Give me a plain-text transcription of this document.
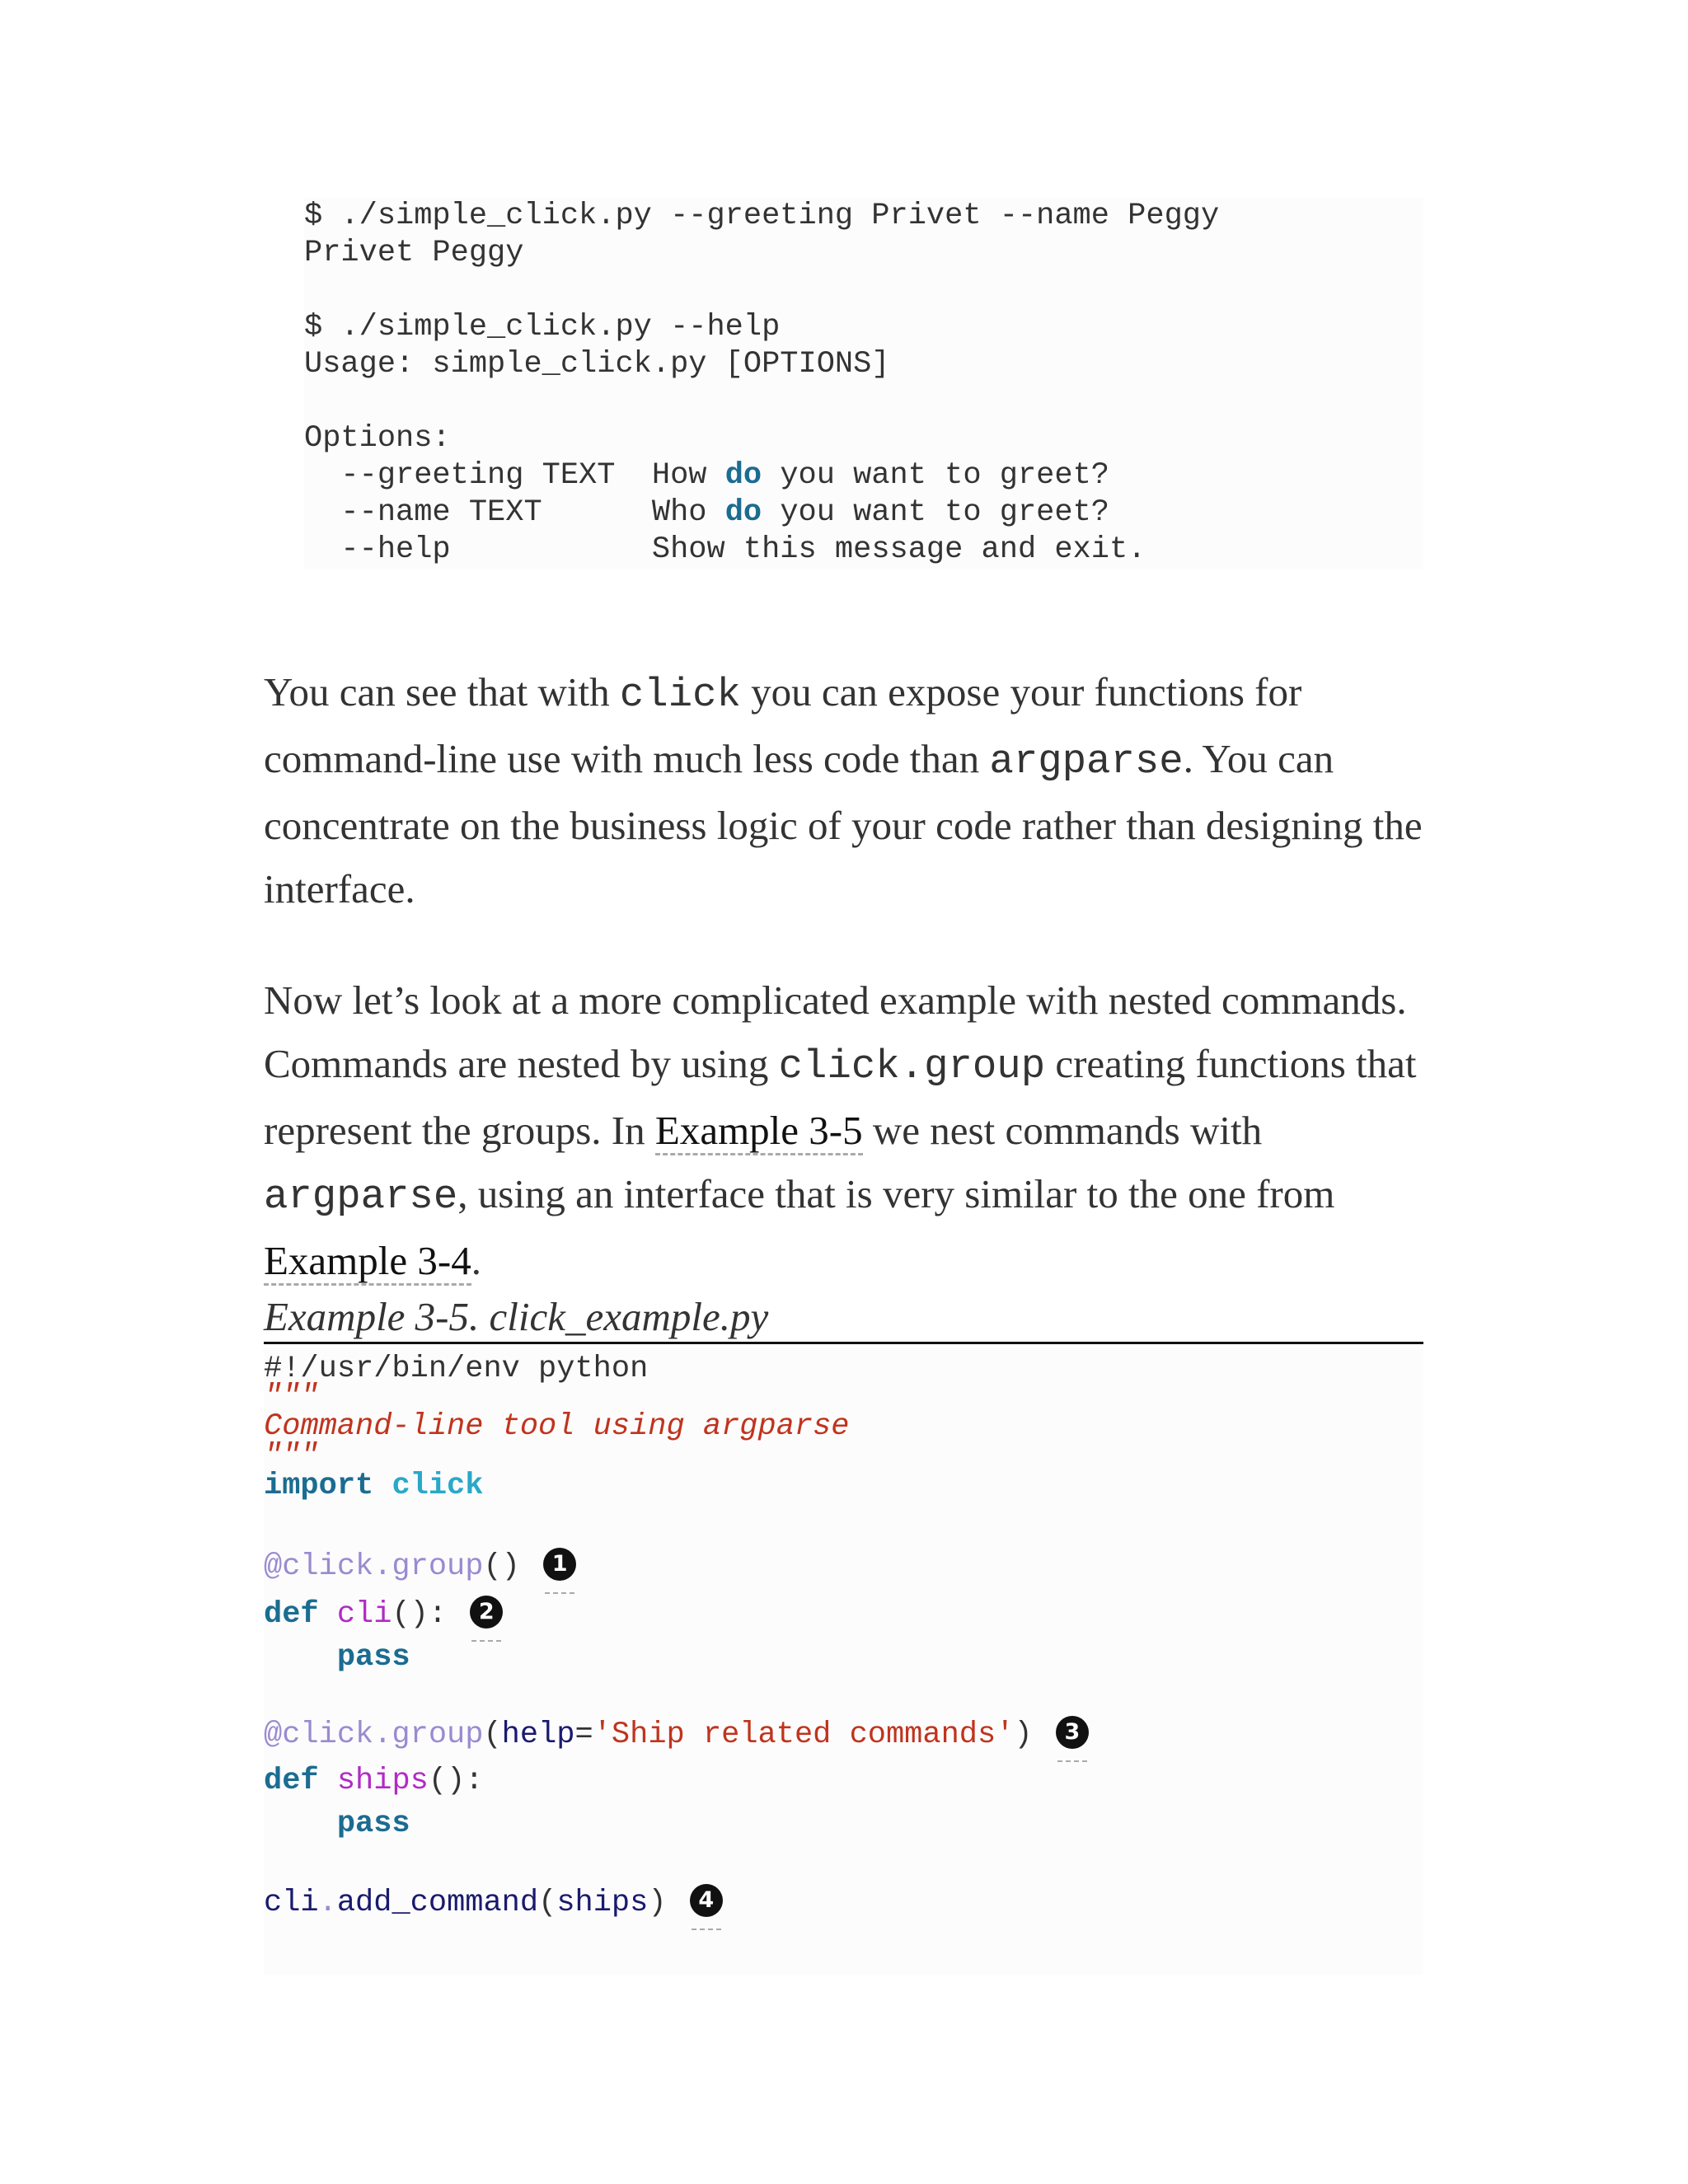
$ ./simple_click.py --greeting Privet --name Peggy
Privet Peggy
$ ./simple_click.py --help
Usage: simple_click.py [OPTIONS]
Options:
--greeting TEXT  How do you want to greet?
--name TEXT      Who do you want to greet?
--help           Show this message and exit.

You can see that with click you can expose your functions for command-line use with much less code than argparse. You can concentrate on the business logic of your code rather than designing the interface.

Now let’s look at a more complicated example with nested commands. Commands are nested by using click.group creating functions that represent the groups. In Example 3-5 we nest commands with argparse, using an interface that is very similar to the one from Example 3-4.

Example 3-5. click_example.py
#!/usr/bin/env python
"""
Command-line tool using argparse
"""
import click
@click.group() 1
def cli(): 2
pass
@click.group(help='Ship related commands') 3
def ships():
pass
cli.add_command(ships) 4
